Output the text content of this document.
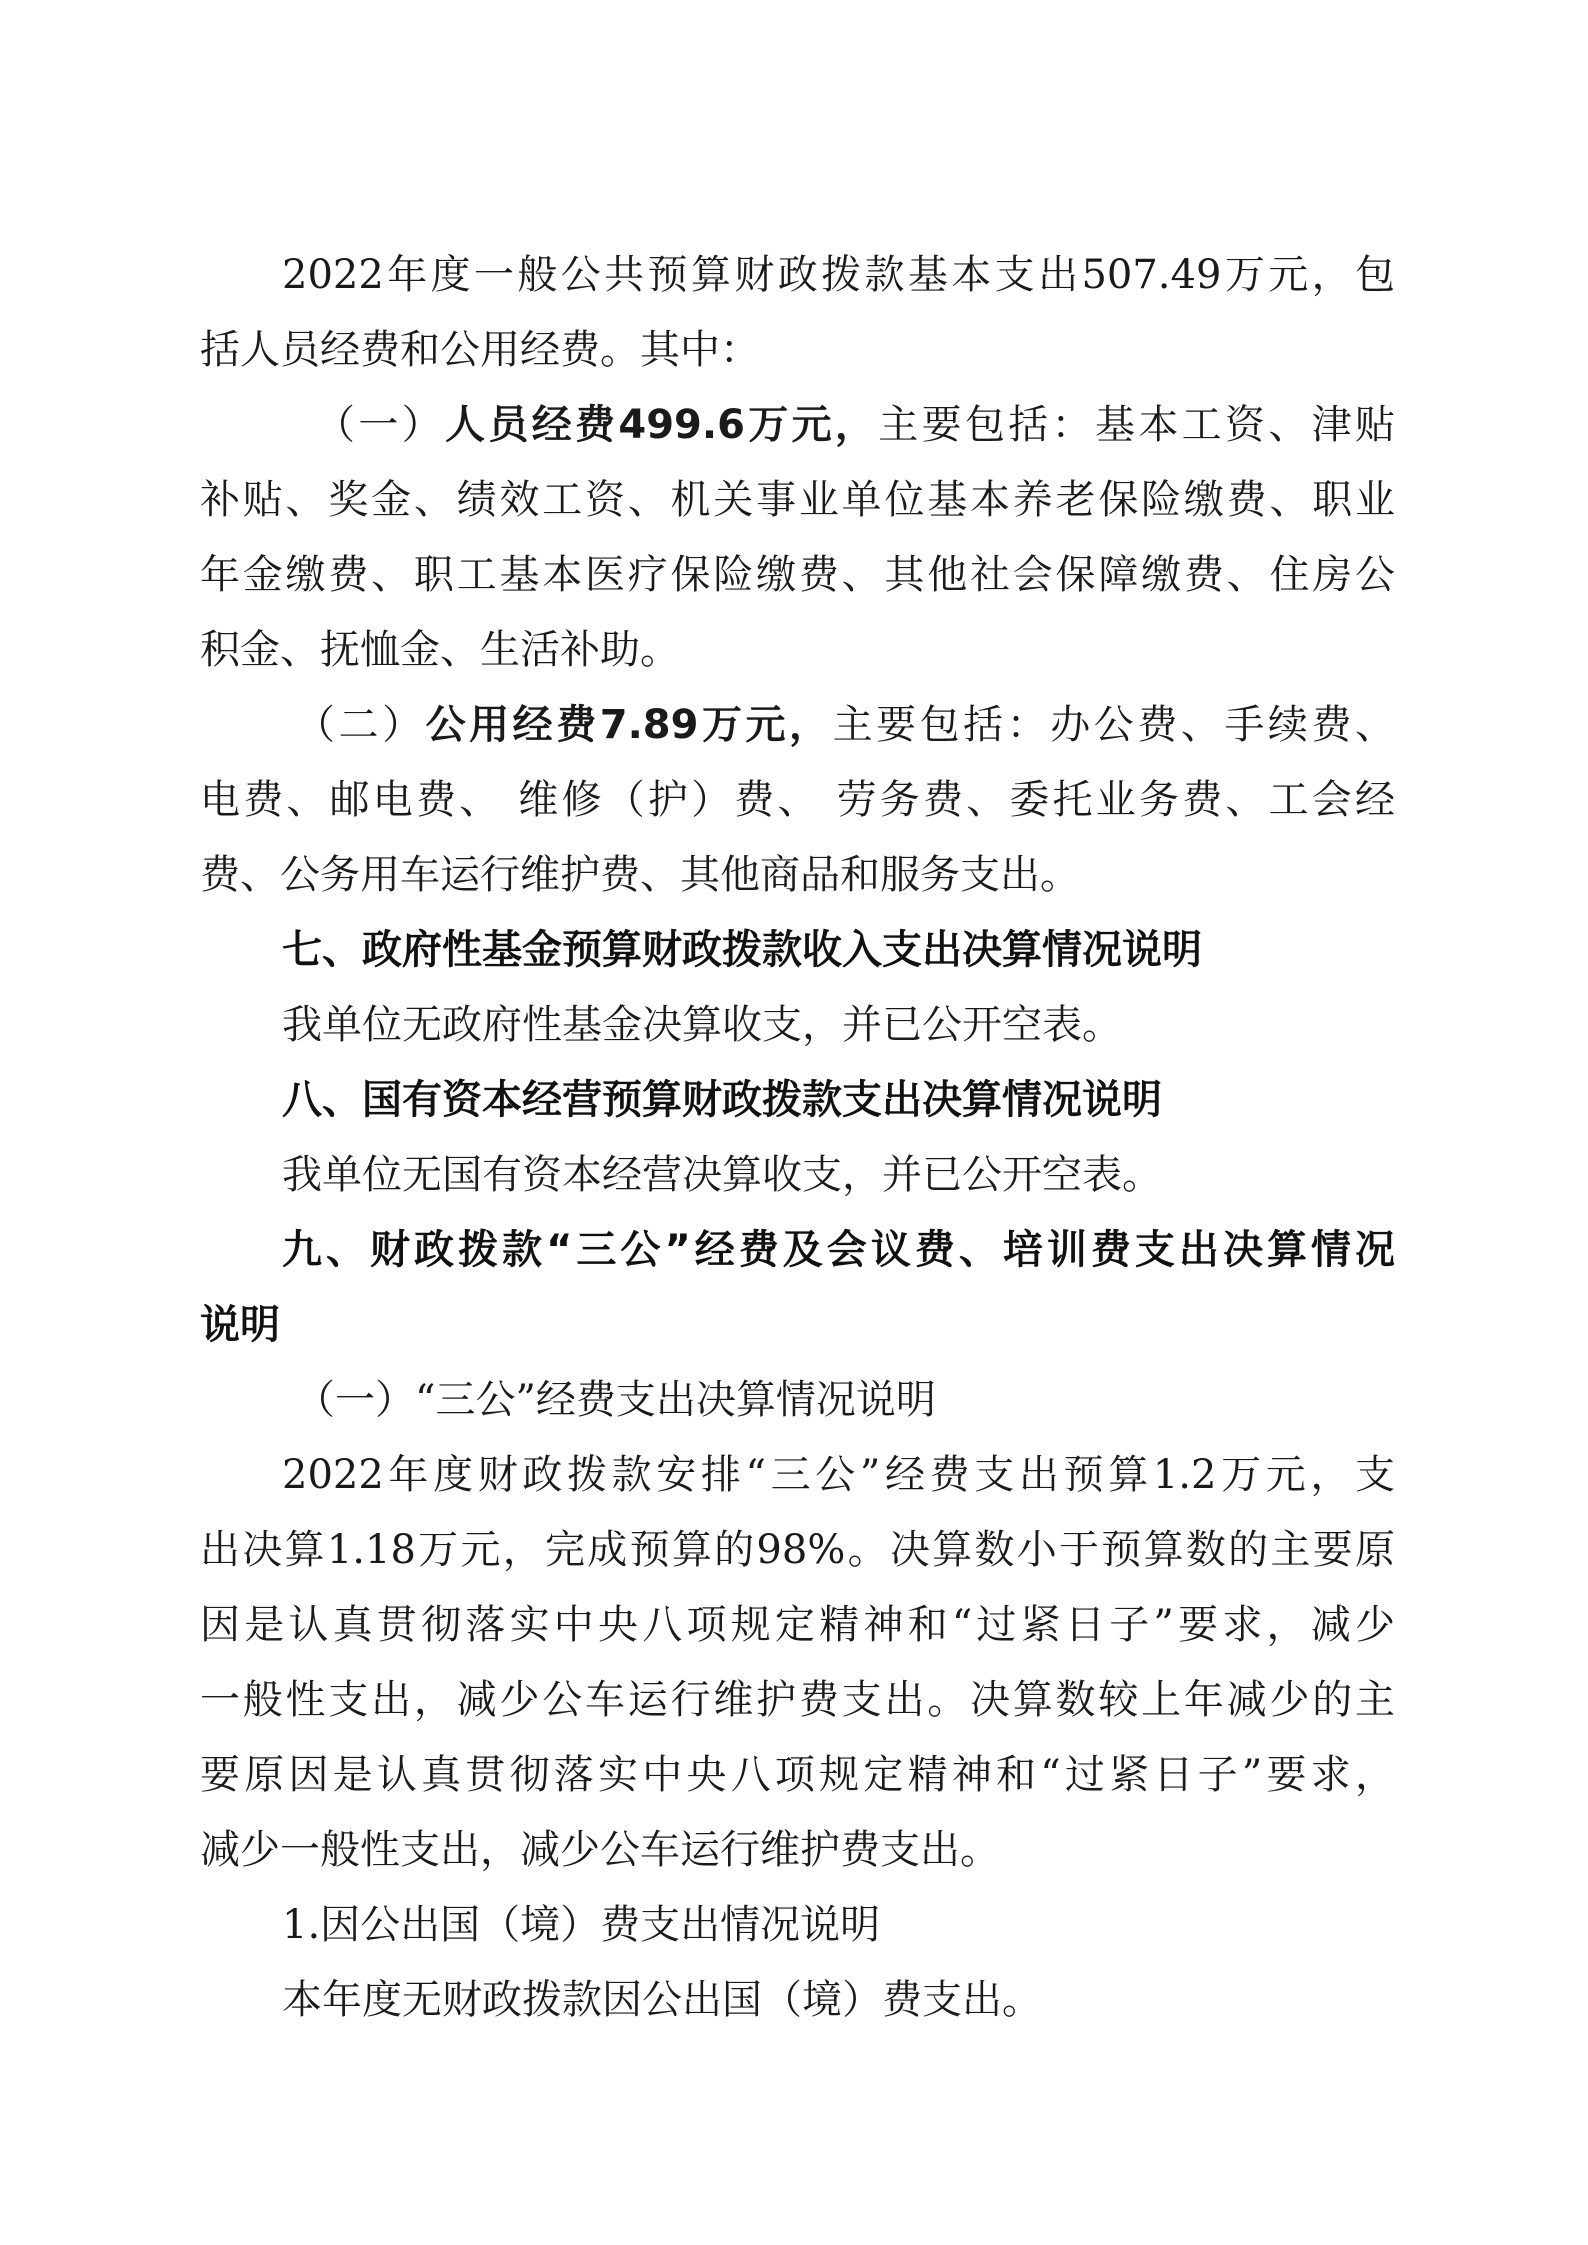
2022年度一般公共预算财政拨款基本支出507.49万元，包

括人员经费和公用经费。其中：

（一）人员经费499.6万元，主要包括：基本工资、津贴

补贴、奖金、绩效工资、机关事业单位基本养老保险缴费、职业

年金缴费、职工基本医疗保险缴费、其他社会保障缴费、住房公

积金、抚恤金、生活补助。

（二）公用经费7.89万元，主要包括：办公费、手续费、

电费、邮电费、 维修（护）费、 劳务费、委托业务费、工会经

费、公务用车运行维护费、其他商品和服务支出。

七、政府性基金预算财政拨款收入支出决算情况说明

我单位无政府性基金决算收支，并已公开空表。

八、国有资本经营预算财政拨款支出决算情况说明

我单位无国有资本经营决算收支，并已公开空表。

九、财政拨款“三公”经费及会议费、培训费支出决算情况

说明

（一）“三公”经费支出决算情况说明

2022年度财政拨款安排“三公”经费支出预算1.2万元，支

出决算1.18万元，完成预算的98%。决算数小于预算数的主要原

因是认真贯彻落实中央八项规定精神和“过紧日子”要求，减少

一般性支出，减少公车运行维护费支出。决算数较上年减少的主

要原因是认真贯彻落实中央八项规定精神和“过紧日子”要求，

减少一般性支出，减少公车运行维护费支出。

1.因公出国（境）费支出情况说明

本年度无财政拨款因公出国（境）费支出。
